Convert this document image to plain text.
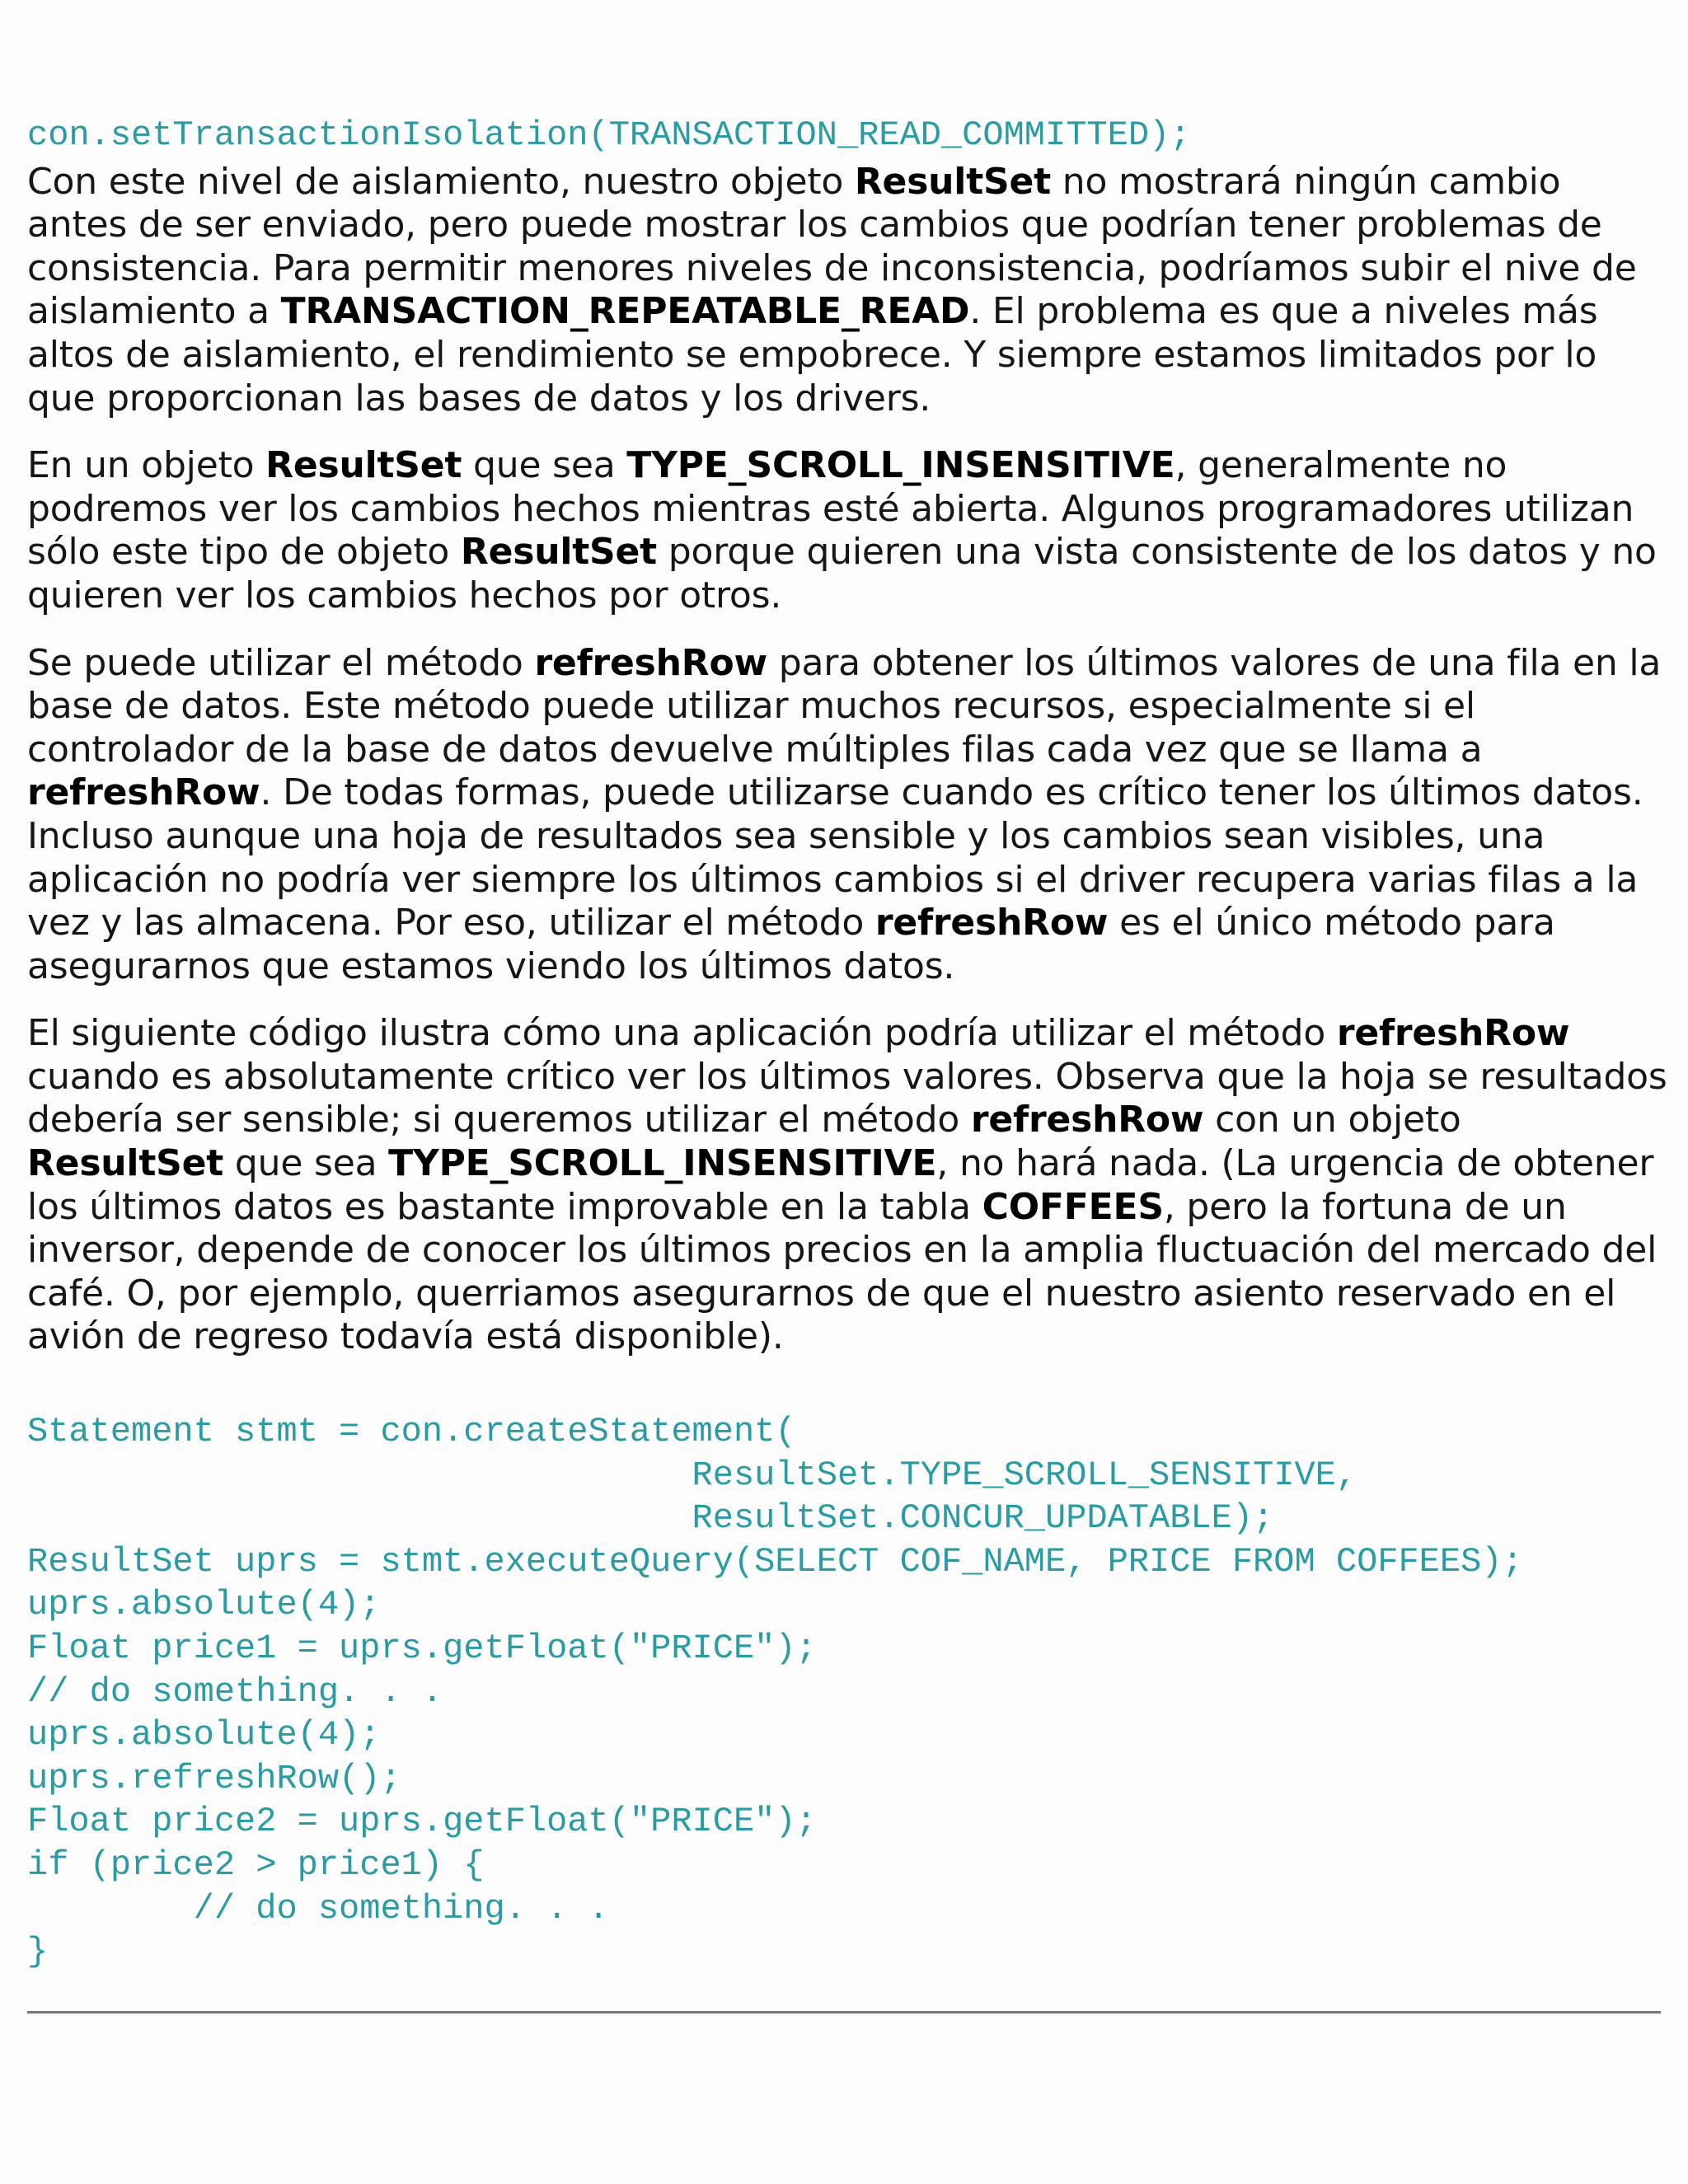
con.setTransactionIsolation(TRANSACTION_READ_COMMITTED);

Con este nivel de aislamiento, nuestro objeto ResultSet no mostrará ningún cambio antes de ser enviado, pero puede mostrar los cambios que podrían tener problemas de consistencia. Para permitir menores niveles de inconsistencia, podríamos subir el nive de aislamiento a TRANSACTION_REPEATABLE_READ. El problema es que a niveles más altos de aislamiento, el rendimiento se empobrece. Y siempre estamos limitados por lo que proporcionan las bases de datos y los drivers.

En un objeto ResultSet que sea TYPE_SCROLL_INSENSITIVE, generalmente no podremos ver los cambios hechos mientras esté abierta. Algunos programadores utilizan sólo este tipo de objeto ResultSet porque quieren una vista consistente de los datos y no quieren ver los cambios hechos por otros.

Se puede utilizar el método refreshRow para obtener los últimos valores de una fila en la base de datos. Este método puede utilizar muchos recursos, especialmente si el controlador de la base de datos devuelve múltiples filas cada vez que se llama a refreshRow. De todas formas, puede utilizarse cuando es crítico tener los últimos datos. Incluso aunque una hoja de resultados sea sensible y los cambios sean visibles, una aplicación no podría ver siempre los últimos cambios si el driver recupera varias filas a la vez y las almacena. Por eso, utilizar el método refreshRow es el único método para asegurarnos que estamos viendo los últimos datos.

El siguiente código ilustra cómo una aplicación podría utilizar el método refreshRow cuando es absolutamente crítico ver los últimos valores. Observa que la hoja se resultados debería ser sensible; si queremos utilizar el método refreshRow con un objeto ResultSet que sea TYPE_SCROLL_INSENSITIVE, no hará nada. (La urgencia de obtener los últimos datos es bastante improvable en la tabla COFFEES, pero la fortuna de un inversor, depende de conocer los últimos precios en la amplia fluctuación del mercado del café. O, por ejemplo, querriamos asegurarnos de que el nuestro asiento reservado en el avión de regreso todavía está disponible).

Statement stmt = con.createStatement(
ResultSet.TYPE_SCROLL_SENSITIVE,
ResultSet.CONCUR_UPDATABLE);
ResultSet uprs = stmt.executeQuery(SELECT COF_NAME, PRICE FROM COFFEES);
uprs.absolute(4);
Float price1 = uprs.getFloat("PRICE");
// do something. . .
uprs.absolute(4);
uprs.refreshRow();
Float price2 = uprs.getFloat("PRICE");
if (price2 > price1) {
// do something. . .
}
